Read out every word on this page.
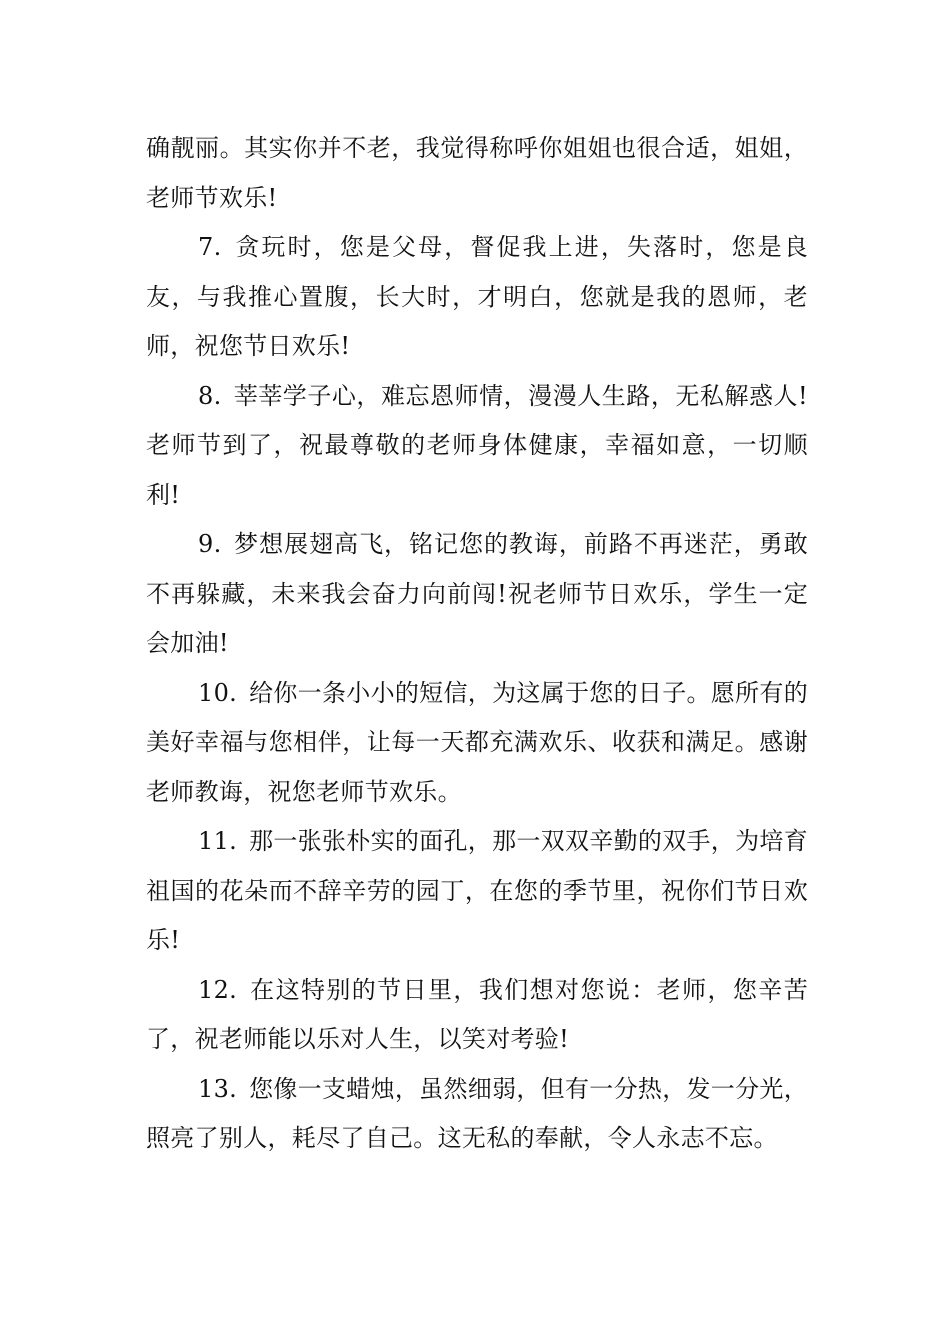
确靓丽。其实你并不老，我觉得称呼你姐姐也很合适，姐姐，老师节欢乐!

7. 贪玩时，您是父母，督促我上进，失落时，您是良友，与我推心置腹，长大时，才明白，您就是我的恩师，老师，祝您节日欢乐!

8. 莘莘学子心，难忘恩师情，漫漫人生路，无私解惑人!老师节到了，祝最尊敬的老师身体健康，幸福如意，一切顺利!

9. 梦想展翅高飞，铭记您的教诲，前路不再迷茫，勇敢不再躲藏，未来我会奋力向前闯!祝老师节日欢乐，学生一定会加油!

10. 给你一条小小的短信，为这属于您的日子。愿所有的美好幸福与您相伴，让每一天都充满欢乐、收获和满足。感谢老师教诲，祝您老师节欢乐。

11. 那一张张朴实的面孔，那一双双辛勤的双手，为培育祖国的花朵而不辞辛劳的园丁，在您的季节里，祝你们节日欢乐!

12. 在这特别的节日里，我们想对您说：老师，您辛苦了，祝老师能以乐对人生，以笑对考验!

13. 您像一支蜡烛，虽然细弱，但有一分热，发一分光，照亮了别人，耗尽了自己。这无私的奉献，令人永志不忘。
